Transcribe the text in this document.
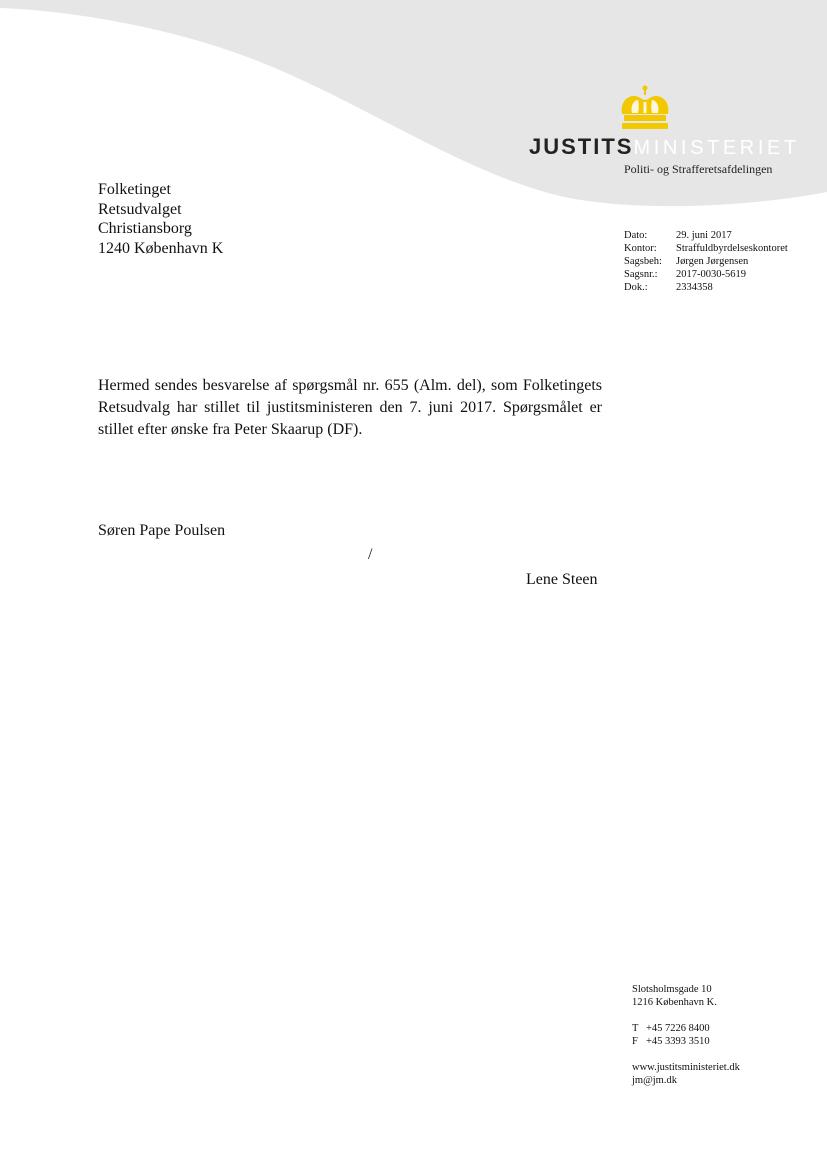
JUSTITSMINISTERIET
Politi- og Strafferetsafdelingen
Folketinget
Retsudvalget
Christiansborg
1240 København K
Dato:	29. juni 2017
Kontor:	Straffuldbyrdelseskontoret
Sagsbeh:	Jørgen Jørgensen
Sagsnr.:	2017-0030-5619
Dok.:	2334358

Hermed sendes besvarelse af spørgsmål nr. 655 (Alm. del), som Folketingets Retsudvalg har stillet til justitsministeren den 7. juni 2017. Spørgsmålet er stillet efter ønske fra Peter Skaarup (DF).

Søren Pape Poulsen
/
Lene Steen
Slotsholmsgade 10
1216 København K.
T +45 7226 8400
F +45 3393 3510
www.justitsministeriet.dk
jm@jm.dk
